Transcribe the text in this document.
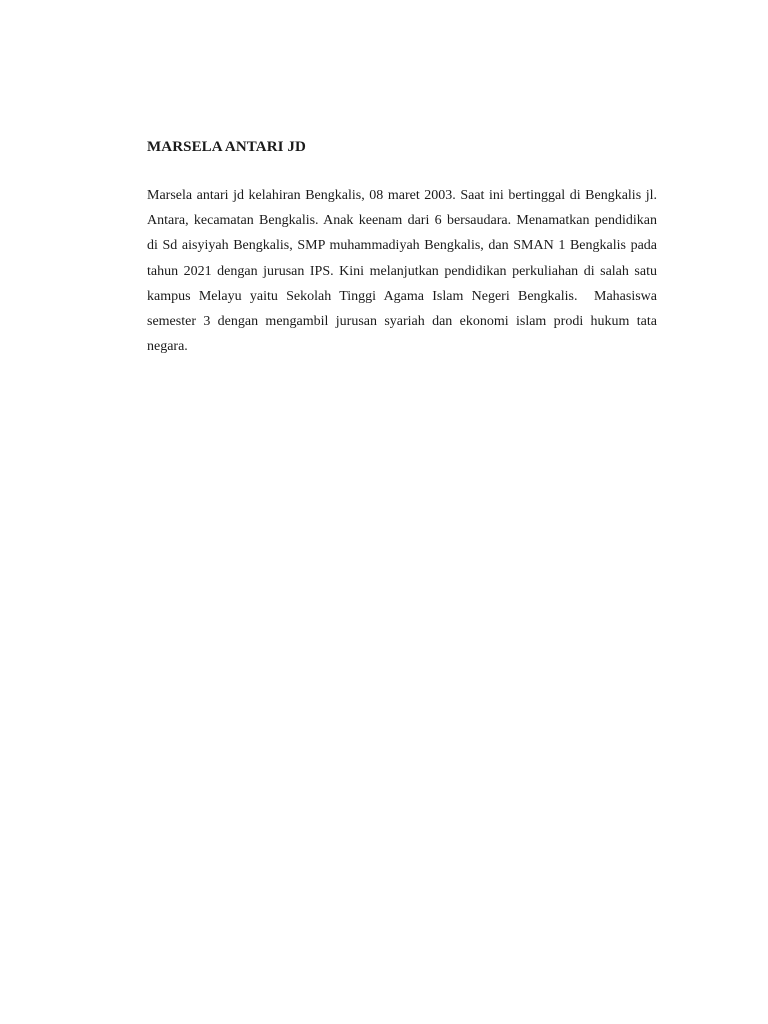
MARSELA ANTARI JD

Marsela antari jd kelahiran Bengkalis, 08 maret 2003. Saat ini bertinggal di Bengkalis jl. Antara, kecamatan Bengkalis. Anak keenam dari 6 bersaudara. Menamatkan pendidikan di Sd aisyiyah Bengkalis, SMP muhammadiyah Bengkalis, dan SMAN 1 Bengkalis pada tahun 2021 dengan jurusan IPS. Kini melanjutkan pendidikan perkuliahan di salah satu kampus Melayu yaitu Sekolah Tinggi Agama Islam Negeri Bengkalis.  Mahasiswa semester 3 dengan mengambil jurusan syariah dan ekonomi islam prodi hukum tata negara.
